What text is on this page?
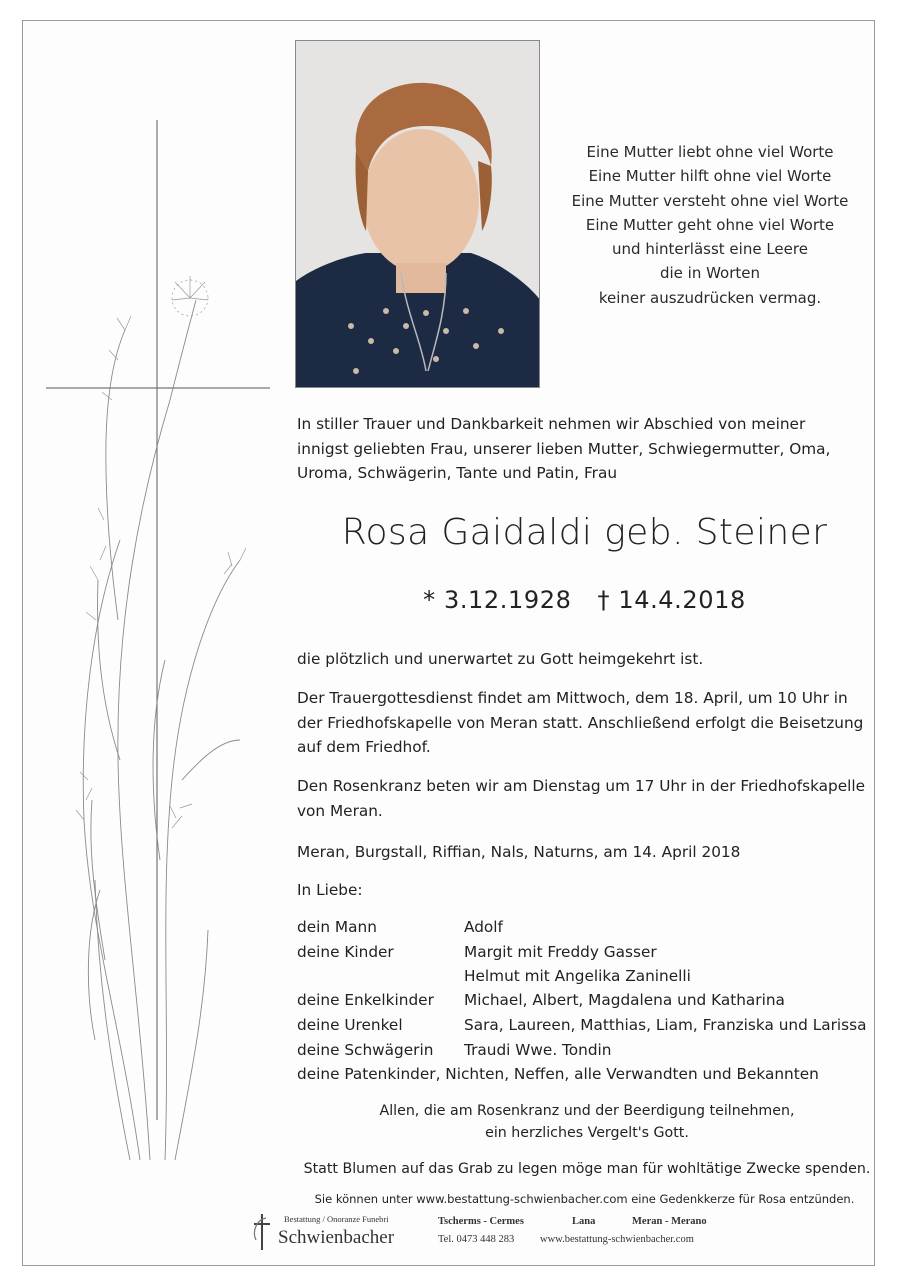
Eine Mutter liebt ohne viel Worte
Eine Mutter hilft ohne viel Worte
Eine Mutter versteht ohne viel Worte
Eine Mutter geht ohne viel Worte
und hinterlässt eine Leere
die in Worten
keiner auszudrücken vermag.
In stiller Trauer und Dankbarkeit nehmen wir Abschied von meiner innigst geliebten Frau, unserer lieben Mutter, Schwiegermutter, Oma, Uroma, Schwägerin, Tante und Patin, Frau
Rosa Gaidaldi geb. Steiner
* 3.12.1928 † 14.4.2018
die plötzlich und unerwartet zu Gott heimgekehrt ist.
Der Trauergottesdienst findet am Mittwoch, dem 18. April, um 10 Uhr in der Friedhofskapelle von Meran statt. Anschließend erfolgt die Beisetzung auf dem Friedhof.
Den Rosenkranz beten wir am Dienstag um 17 Uhr in der Friedhofskapelle von Meran.
Meran, Burgstall, Riffian, Nals, Naturns, am 14. April 2018
In Liebe:
dein Mann	Adolf
deine Kinder	Margit mit Freddy Gasser
Helmut mit Angelika Zaninelli
deine Enkelkinder Michael, Albert, Magdalena und Katharina
deine Urenkel	Sara, Laureen, Matthias, Liam, Franziska und Larissa
deine Schwägerin Traudi Wwe. Tondin
deine Patenkinder, Nichten, Neffen, alle Verwandten und Bekannten
Allen, die am Rosenkranz und der Beerdigung teilnehmen,
ein herzliches Vergelt's Gott.
Statt Blumen auf das Grab zu legen möge man für wohltätige Zwecke spenden.
Sie können unter www.bestattung-schwienbacher.com eine Gedenkkerze für Rosa entzünden.
Bestattung / Onoranze Funebri
Schwienbacher
Tscherms - Cermes	Lana	Meran - Merano
Tel. 0473 448 283 www.bestattung-schwienbacher.com
